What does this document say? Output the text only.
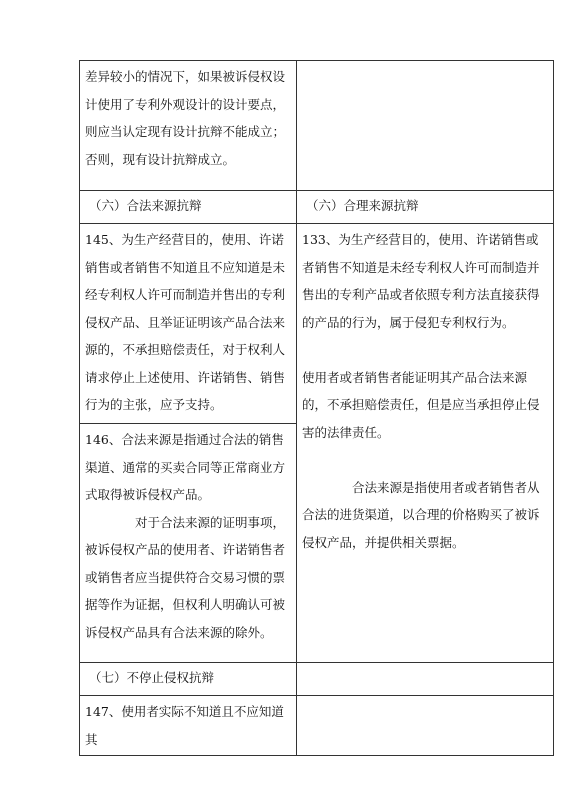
差异较小的情况下，如果被诉侵权设计使用了专利外观设计的设计要点，则应当认定现有设计抗辩不能成立；否则，现有设计抗辩成立。	

（六）合法来源抗辩	（六）合理来源抗辩

145、为生产经营目的，使用、许诺销售或者销售不知道且不应知道是未经专利权人许可而制造并售出的专利侵权产品、且举证证明该产品合法来源的，不承担赔偿责任，对于权利人请求停止上述使用、许诺销售、销售行为的主张，应予支持。	133、为生产经营目的，使用、许诺销售或者销售不知道是未经专利权人许可而制造并售出的专利产品或者依照专利方法直接获得的产品的行为，属于侵犯专利权行为。
使用者或者销售者能证明其产品合法来源的，不承担赔偿责任，但是应当承担停止侵害的法律责任。
合法来源是指使用者或者销售者从合法的进货渠道，以合理的价格购买了被诉侵权产品，并提供相关票据。

146、合法来源是指通过合法的销售渠道、通常的买卖合同等正常商业方式取得被诉侵权产品。
对于合法来源的证明事项，被诉侵权产品的使用者、许诺销售者或销售者应当提供符合交易习惯的票据等作为证据，但权利人明确认可被诉侵权产品具有合法来源的除外。	

（七）不停止侵权抗辩	

147、使用者实际不知道且不应知道其	
